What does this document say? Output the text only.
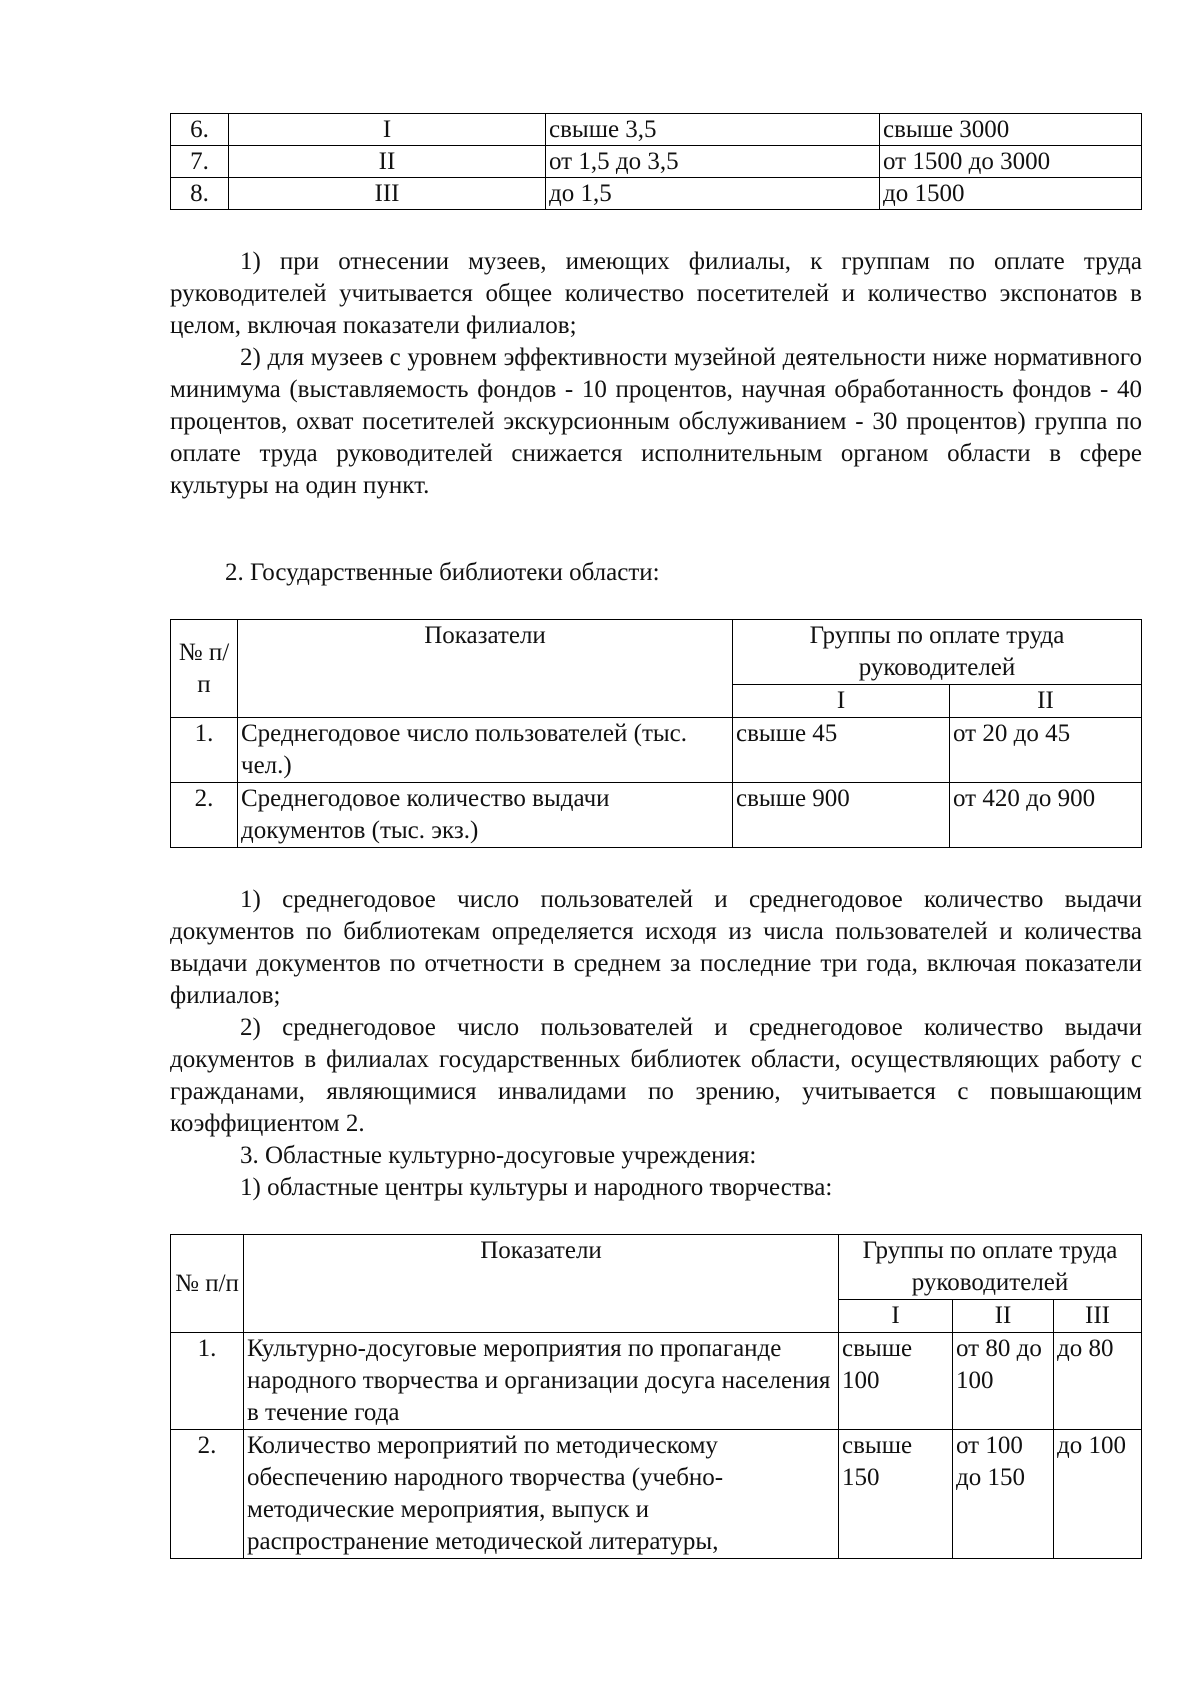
6.	I	свыше 3,5	свыше 3000
7.	II	от 1,5 до 3,5	от 1500 до 3000
8.	III	до 1,5	до 1500

1) при отнесении музеев, имеющих филиалы, к группам по оплате труда руководителей учитывается общее количество посетителей и количество экспонатов в целом, включая показатели филиалов;

2) для музеев с уровнем эффективности музейной деятельности ниже нормативного минимума (выставляемость фондов - 10 процентов, научная обработанность фондов - 40 процентов, охват посетителей экскурсионным обслуживанием - 30 процентов) группа по оплате труда руководителей снижается исполнительным органом области в сфере культуры на один пункт.

2. Государственные библиотеки области:

№ п/п	Показатели	Группы по оплате труда руководителей	
		I	II
1.	Среднегодовое число пользователей (тыс. чел.)	свыше 45	от 20 до 45
2.	Среднегодовое количество выдачи документов (тыс. экз.)	свыше 900	от 420 до 900

1) среднегодовое число пользователей и среднегодовое количество выдачи документов по библиотекам определяется исходя из числа пользователей и количества выдачи документов по отчетности в среднем за последние три года, включая показатели филиалов;

2) среднегодовое число пользователей и среднегодовое количество выдачи документов в филиалах государственных библиотек области, осуществляющих работу с гражданами, являющимися инвалидами по зрению, учитывается с повышающим коэффициентом 2.

3. Областные культурно-досуговые учреждения:

1) областные центры культуры и народного творчества:

№ п/п	Показатели	Группы по оплате труда руководителей		
		I	II	III
1.	Культурно-досуговые мероприятия по пропаганде народного творчества и организации досуга населения в течение года	свыше 100	от 80 до 100	до 80
2.	Количество мероприятий по методическому обеспечению народного творчества (учебно-методические мероприятия, выпуск и распространение методической литературы,	свыше 150	от 100 до 150	до 100
